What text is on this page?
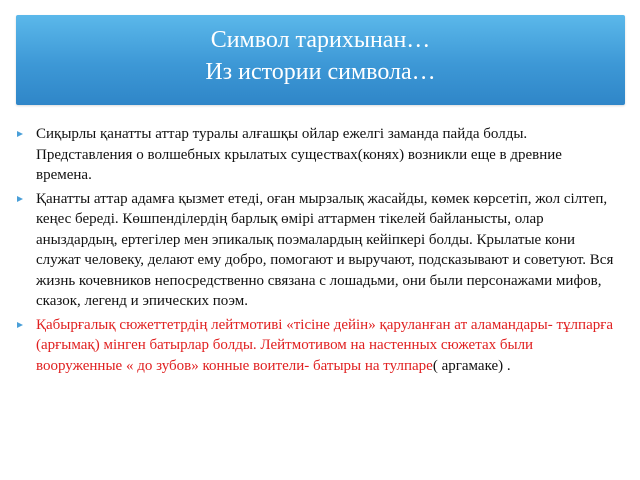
Символ тарихынан…
Из истории символа…
Сиқырлы қанатты аттар туралы алғашқы ойлар ежелгі заманда пайда болды. Представления о волшебных крылатых существах(конях) возникли еще в древние времена.
Қанатты аттар адамға қызмет етеді, оған мырзалық жасайды, көмек көрсетіп, жол сілтеп, кеңес береді. Көшпенділердің барлық өмірі аттармен тікелей байланысты, олар аныздардың, ертегілер мен эпикалық поэмалардың кейіпкері болды. Крылатые кони служат человеку, делают ему добро, помогают и выручают, подсказывают и советуют. Вся жизнь кочевников непосредственно связана с лошадьми, они были персонажами мифов, сказок, легенд и эпических поэм.
Қабырғалық сюжеттетрдің лейтмотиві «тісіне дейін» қаруланған ат аламандары- тұлпарға (арғымақ) мінген батырлар болды. Лейтмотивом на настенных сюжетах были вооруженные « до зубов» конные воители- батыры на тулпаре( аргамаке) .
